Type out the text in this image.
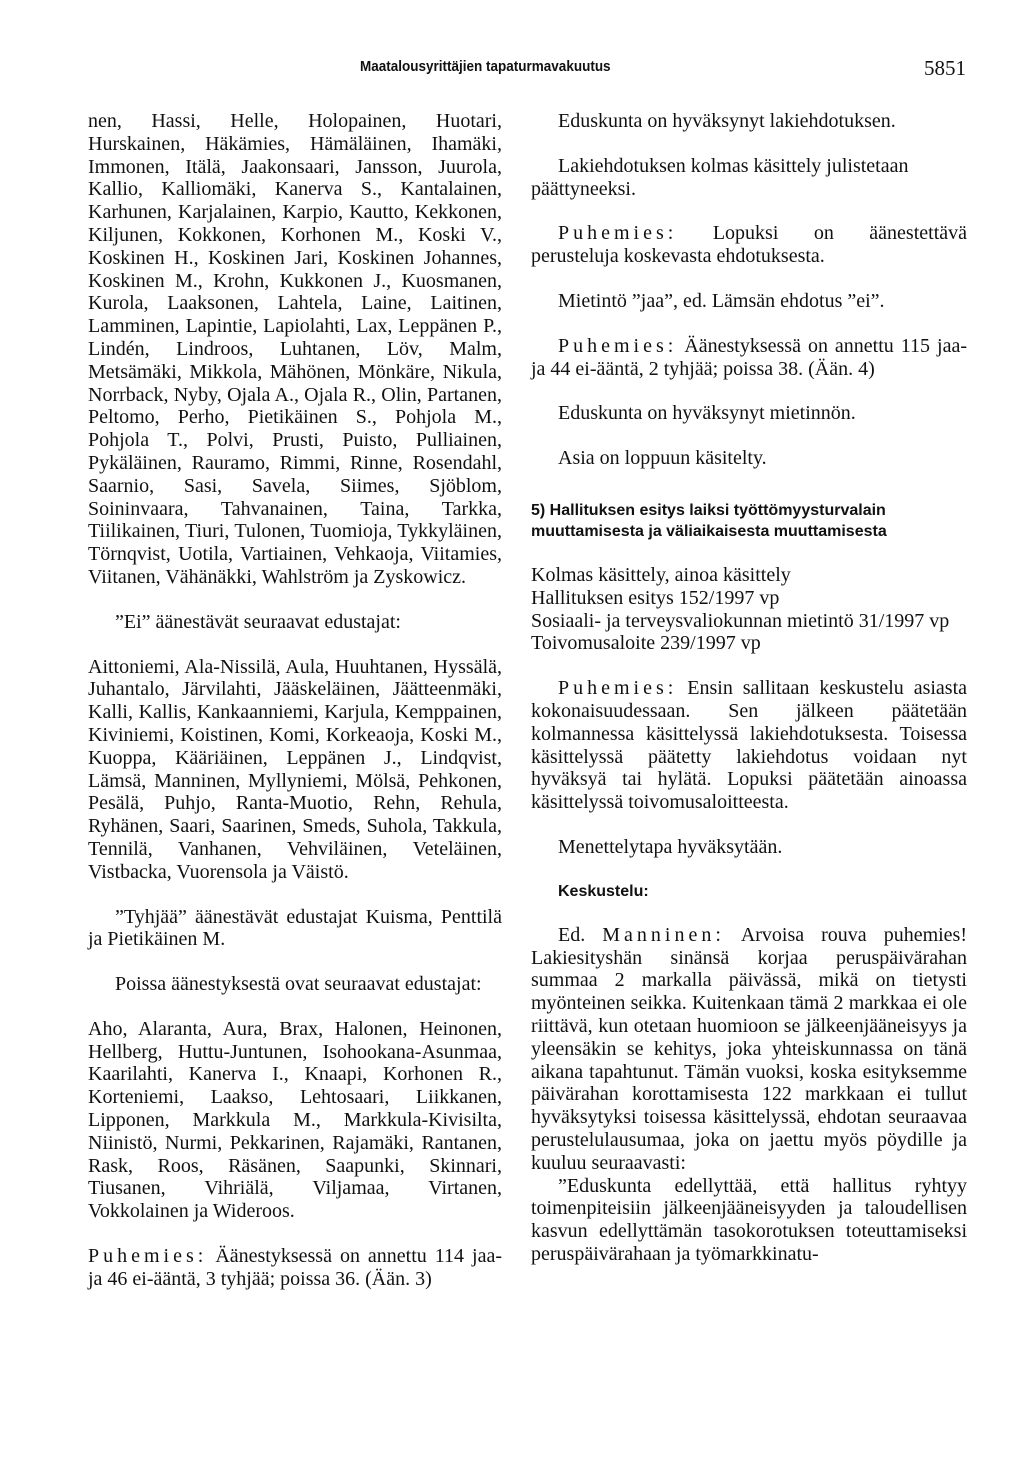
Maatalousyrittäjien tapaturmavakuutus	5851

nen, Hassi, Helle, Holopainen, Huotari, Hurskainen, Häkämies, Hämäläinen, Ihamäki, Immonen, Itälä, Jaakonsaari, Jansson, Juurola, Kallio, Kalliomäki, Kanerva S., Kantalainen, Karhunen, Karjalainen, Karpio, Kautto, Kekkonen, Kiljunen, Kokkonen, Korhonen M., Koski V., Koskinen H., Koskinen Jari, Koskinen Johannes, Koskinen M., Krohn, Kukkonen J., Kuosmanen, Kurola, Laaksonen, Lahtela, Laine, Laitinen, Lamminen, Lapintie, Lapiolahti, Lax, Leppänen P., Lindén, Lindroos, Luhtanen, Löv, Malm, Metsämäki, Mikkola, Mähönen, Mönkäre, Nikula, Norrback, Nyby, Ojala A., Ojala R., Olin, Partanen, Peltomo, Perho, Pietikäinen S., Pohjola M., Pohjola T., Polvi, Prusti, Puisto, Pulliainen, Pykäläinen, Rauramo, Rimmi, Rinne, Rosendahl, Saarnio, Sasi, Savela, Siimes, Sjöblom, Soininvaara, Tahvanainen, Taina, Tarkka, Tiilikainen, Tiuri, Tulonen, Tuomioja, Tykkyläinen, Törnqvist, Uotila, Vartiainen, Vehkaoja, Viitamies, Viitanen, Vähänäkki, Wahlström ja Zyskowicz.

”Ei” äänestävät seuraavat edustajat:

Aittoniemi, Ala-Nissilä, Aula, Huuhtanen, Hyssälä, Juhantalo, Järvilahti, Jääskeläinen, Jäätteenmäki, Kalli, Kallis, Kankaanniemi, Karjula, Kemppainen, Kiviniemi, Koistinen, Komi, Korkeaoja, Koski M., Kuoppa, Kääriäinen, Leppänen J., Lindqvist, Lämsä, Manninen, Myllyniemi, Mölsä, Pehkonen, Pesälä, Puhjo, Ranta-Muotio, Rehn, Rehula, Ryhänen, Saari, Saarinen, Smeds, Suhola, Takkula, Tennilä, Vanhanen, Vehviläinen, Veteläinen, Vistbacka, Vuorensola ja Väistö.

”Tyhjää” äänestävät edustajat Kuisma, Penttilä ja Pietikäinen M.

Poissa äänestyksestä ovat seuraavat edustajat:

Aho, Alaranta, Aura, Brax, Halonen, Heinonen, Hellberg, Huttu-Juntunen, Isohookana-Asunmaa, Kaarilahti, Kanerva I., Knaapi, Korhonen R., Korteniemi, Laakso, Lehtosaari, Liikkanen, Lipponen, Markkula M., Markkula-Kivisilta, Niinistö, Nurmi, Pekkarinen, Rajamäki, Rantanen, Rask, Roos, Räsänen, Saapunki, Skinnari, Tiusanen, Vihriälä, Viljamaa, Virtanen, Vokkolainen ja Wideroos.

Puhemies: Äänestyksessä on annettu 114 jaa- ja 46 ei-ääntä, 3 tyhjää; poissa 36. (Ään. 3)

Eduskunta on hyväksynyt lakiehdotuksen.

Lakiehdotuksen kolmas käsittely julistetaan päättyneeksi.

Puhemies: Lopuksi on äänestettävä perusteluja koskevasta ehdotuksesta.

Mietintö ”jaa”, ed. Lämsän ehdotus ”ei”.

Puhemies: Äänestyksessä on annettu 115 jaa- ja 44 ei-ääntä, 2 tyhjää; poissa 38. (Ään. 4)

Eduskunta on hyväksynyt mietinnön.

Asia on loppuun käsitelty.

5) Hallituksen esitys laiksi työttömyysturvalain muuttamisesta ja väliaikaisesta muuttamisesta

Kolmas käsittely, ainoa käsittely

Hallituksen esitys 152/1997 vp

Sosiaali- ja terveysvaliokunnan mietintö 31/1997 vp

Toivomusaloite 239/1997 vp

Puhemies: Ensin sallitaan keskustelu asiasta kokonaisuudessaan. Sen jälkeen päätetään kolmannessa käsittelyssä lakiehdotuksesta. Toisessa käsittelyssä päätetty lakiehdotus voidaan nyt hyväksyä tai hylätä. Lopuksi päätetään ainoassa käsittelyssä toivomusaloitteesta.

Menettelytapa hyväksytään.

Keskustelu:

Ed. Manninen: Arvoisa rouva puhemies! Lakiesityshän sinänsä korjaa peruspäivärahan summaa 2 markalla päivässä, mikä on tietysti myönteinen seikka. Kuitenkaan tämä 2 markkaa ei ole riittävä, kun otetaan huomioon se jälkeenjääneisyys ja yleensäkin se kehitys, joka yhteiskunnassa on tänä aikana tapahtunut. Tämän vuoksi, koska esityksemme päivärahan korottamisesta 122 markkaan ei tullut hyväksytyksi toisessa käsittelyssä, ehdotan seuraavaa perustelulausumaa, joka on jaettu myös pöydille ja kuuluu seuraavasti:

”Eduskunta edellyttää, että hallitus ryhtyy toimenpiteisiin jälkeenjääneisyyden ja taloudellisen kasvun edellyttämän tasokorotuksen toteuttamiseksi peruspäivärahaan ja työmarkkinatu-
